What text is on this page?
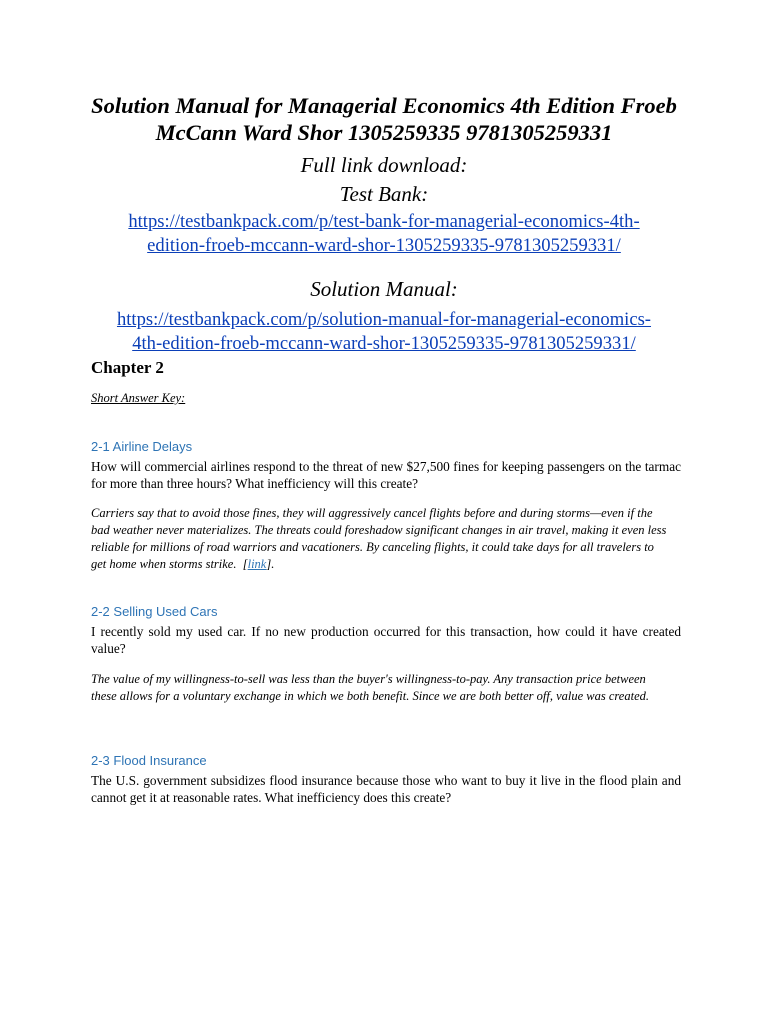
Solution Manual for Managerial Economics 4th Edition Froeb
McCann Ward Shor 1305259335 9781305259331
Full link download:
Test Bank:
https://testbankpack.com/p/test-bank-for-managerial-economics-4th-
edition-froeb-mccann-ward-shor-1305259335-9781305259331/
Solution Manual:
https://testbankpack.com/p/solution-manual-for-managerial-economics-
4th-edition-froeb-mccann-ward-shor-1305259335-9781305259331/
Chapter 2
Short Answer Key:
2-1 Airline Delays
How will commercial airlines respond to the threat of new $27,500 fines for keeping passengers on the tarmac for more than three hours? What inefficiency will this create?
Carriers say that to avoid those fines, they will aggressively cancel flights before and during storms—even if the bad weather never materializes. The threats could foreshadow significant changes in air travel, making it even less reliable for millions of road warriors and vacationers. By canceling flights, it could take days for all travelers to get home when storms strike.  [link].
2-2 Selling Used Cars
I recently sold my used car. If no new production occurred for this transaction, how could it have created value?
The value of my willingness-to-sell was less than the buyer's willingness-to-pay. Any transaction price between these allows for a voluntary exchange in which we both benefit. Since we are both better off, value was created.
2-3 Flood Insurance
The U.S. government subsidizes flood insurance because those who want to buy it live in the flood plain and cannot get it at reasonable rates. What inefficiency does this create?
